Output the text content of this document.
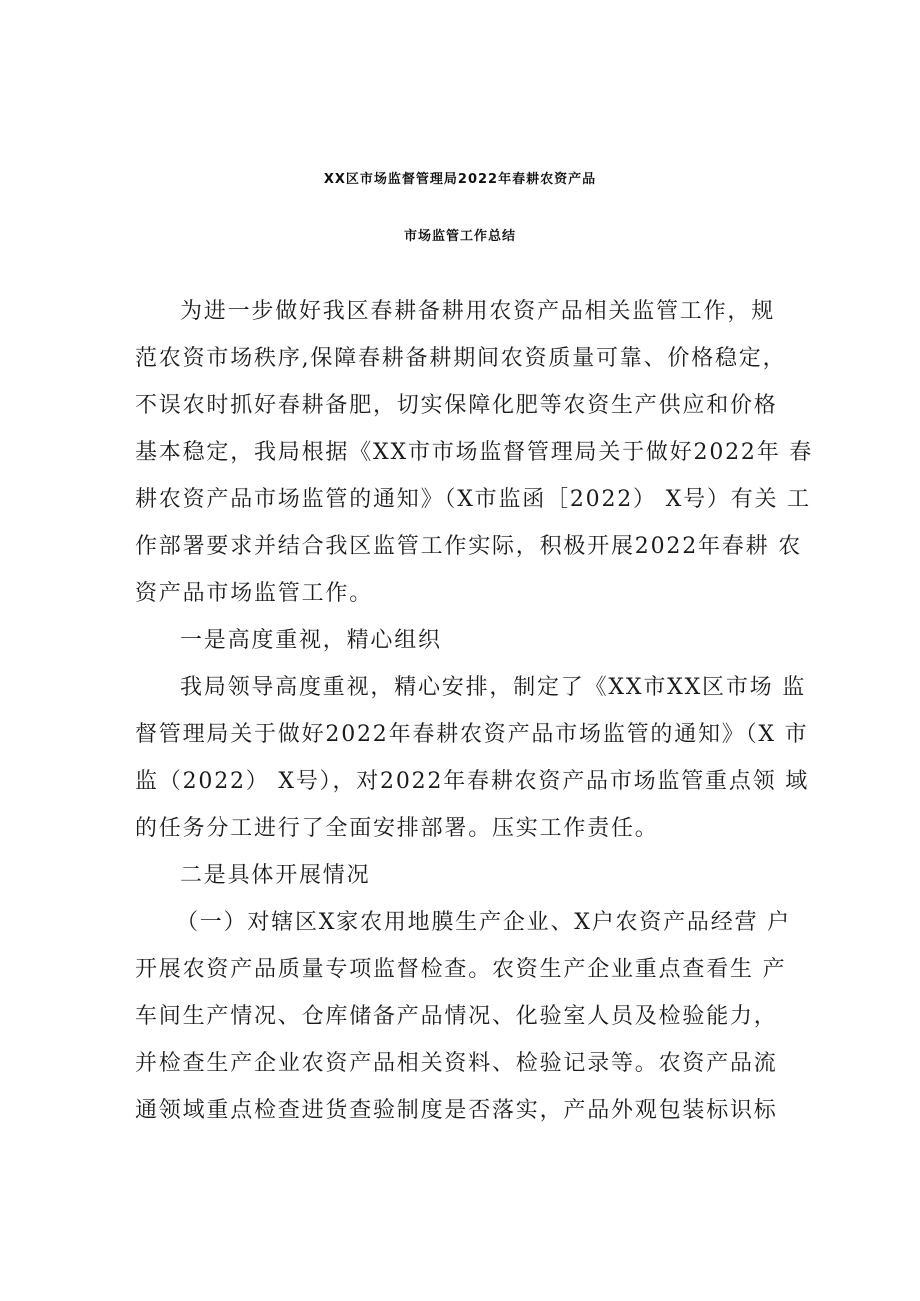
XX区市场监督管理局2022年春耕农资产品
市场监管工作总结
为进一步做好我区春耕备耕用农资产品相关监管工作，规
范农资市场秩序,保障春耕备耕期间农资质量可靠、价格稳定，
不误农时抓好春耕备肥，切实保障化肥等农资生产供应和价格
基本稳定，我局根据《XX市市场监督管理局关于做好2022年 春
耕农资产品市场监管的通知》（X市监函［2022） X号）有关 工
作部署要求并结合我区监管工作实际，积极开展2022年春耕 农
资产品市场监管工作。
一是高度重视，精心组织
我局领导高度重视，精心安排，制定了《XX市XX区市场 监
督管理局关于做好2022年春耕农资产品市场监管的通知》（X 市
监（2022） X号），对2022年春耕农资产品市场监管重点领 域
的任务分工进行了全面安排部署。压实工作责任。
二是具体开展情况
（一）对辖区X家农用地膜生产企业、X户农资产品经营 户
开展农资产品质量专项监督检查。农资生产企业重点查看生 产
车间生产情况、仓库储备产品情况、化验室人员及检验能力，
并检查生产企业农资产品相关资料、检验记录等。农资产品流
通领域重点检查进货查验制度是否落实，产品外观包装标识标
